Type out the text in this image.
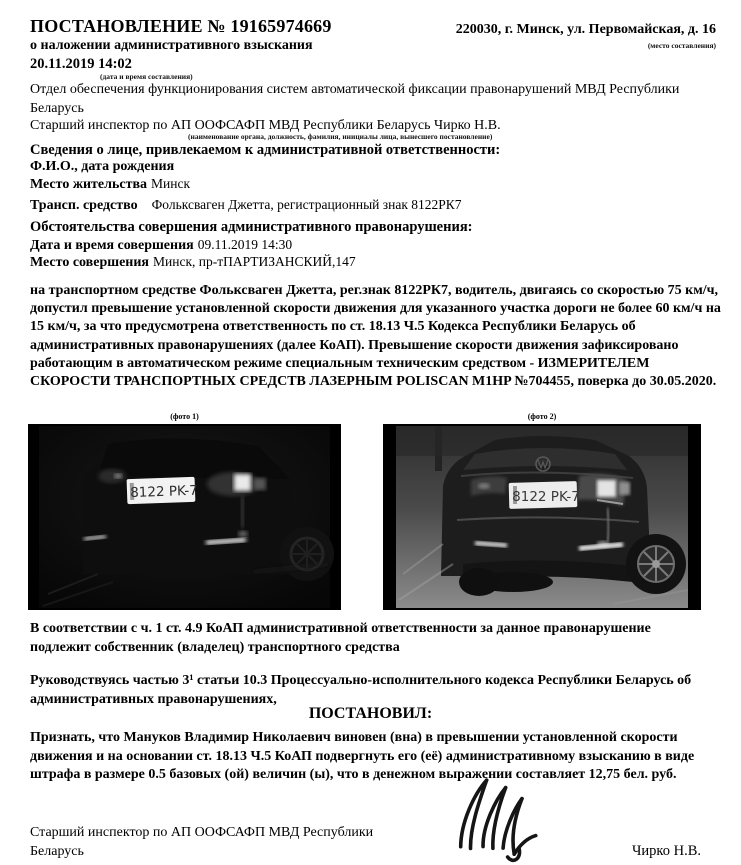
ПОСТАНОВЛЕНИЕ № 19165974669
о наложении административного взыскания
220030, г. Минск, ул. Первомайская, д. 16
(место составления)
20.11.2019 14:02
(дата и время составления)
Отдел обеспечения функционирования систем автоматической фиксации правонарушений МВД Республики Беларусь
Старший инспектор по АП ООФСАФП МВД Республики Беларусь Чирко Н.В.
(наименование органа, должность, фамилия, инициалы лица, вынесшего постановление)
Сведения о лице, привлекаемом к административной ответственности:
Ф.И.О., дата рождения
Место жительства Минск
Трансп. средство Фольксваген Джетта, регистрационный знак 8122РК7
Обстоятельства совершения административного правонарушения:
Дата и время совершения 09.11.2019 14:30
Место совершения Минск, пр-тПАРТИЗАНСКИЙ,147
на транспортном средстве Фольксваген Джетта, рег.знак 8122РК7, водитель, двигаясь со скоростью 75 км/ч, допустил превышение установленной скорости движения для указанного участка дороги не более 60 км/ч на 15 км/ч, за что предусмотрена ответственность по ст. 18.13 Ч.5 Кодекса Республики Беларусь об административных правонарушениях (далее КоАП). Превышение скорости движения зафиксировано работающим в автоматическом режиме специальным техническим средством - ИЗМЕРИТЕЛЕМ СКОРОСТИ ТРАНСПОРТНЫХ СРЕДСТВ ЛАЗЕРНЫМ POLISCAN M1HP №704455, поверка до 30.05.2020.
(фото 1)	(фото 2)
8122 PK-7	8122 PK-7
В соответствии с ч. 1 ст. 4.9 КоАП административной ответственности за данное правонарушение подлежит собственник (владелец) транспортного средства
Руководствуясь частью 3¹ статьи 10.3 Процессуально-исполнительного кодекса Республики Беларусь об административных правонарушениях,
ПОСТАНОВИЛ:
Признать, что Мануков Владимир Николаевич виновен (вна) в превышении установленной скорости движения и на основании ст. 18.13 Ч.5 КоАП подвергнуть его (её) административному взысканию в виде штрафа в размере 0.5 базовых (ой) величин (ы), что в денежном выражении составляет 12,75 бел. руб.
Старший инспектор по АП ООФСАФП МВД Республики Беларусь	Чирко Н.В.
